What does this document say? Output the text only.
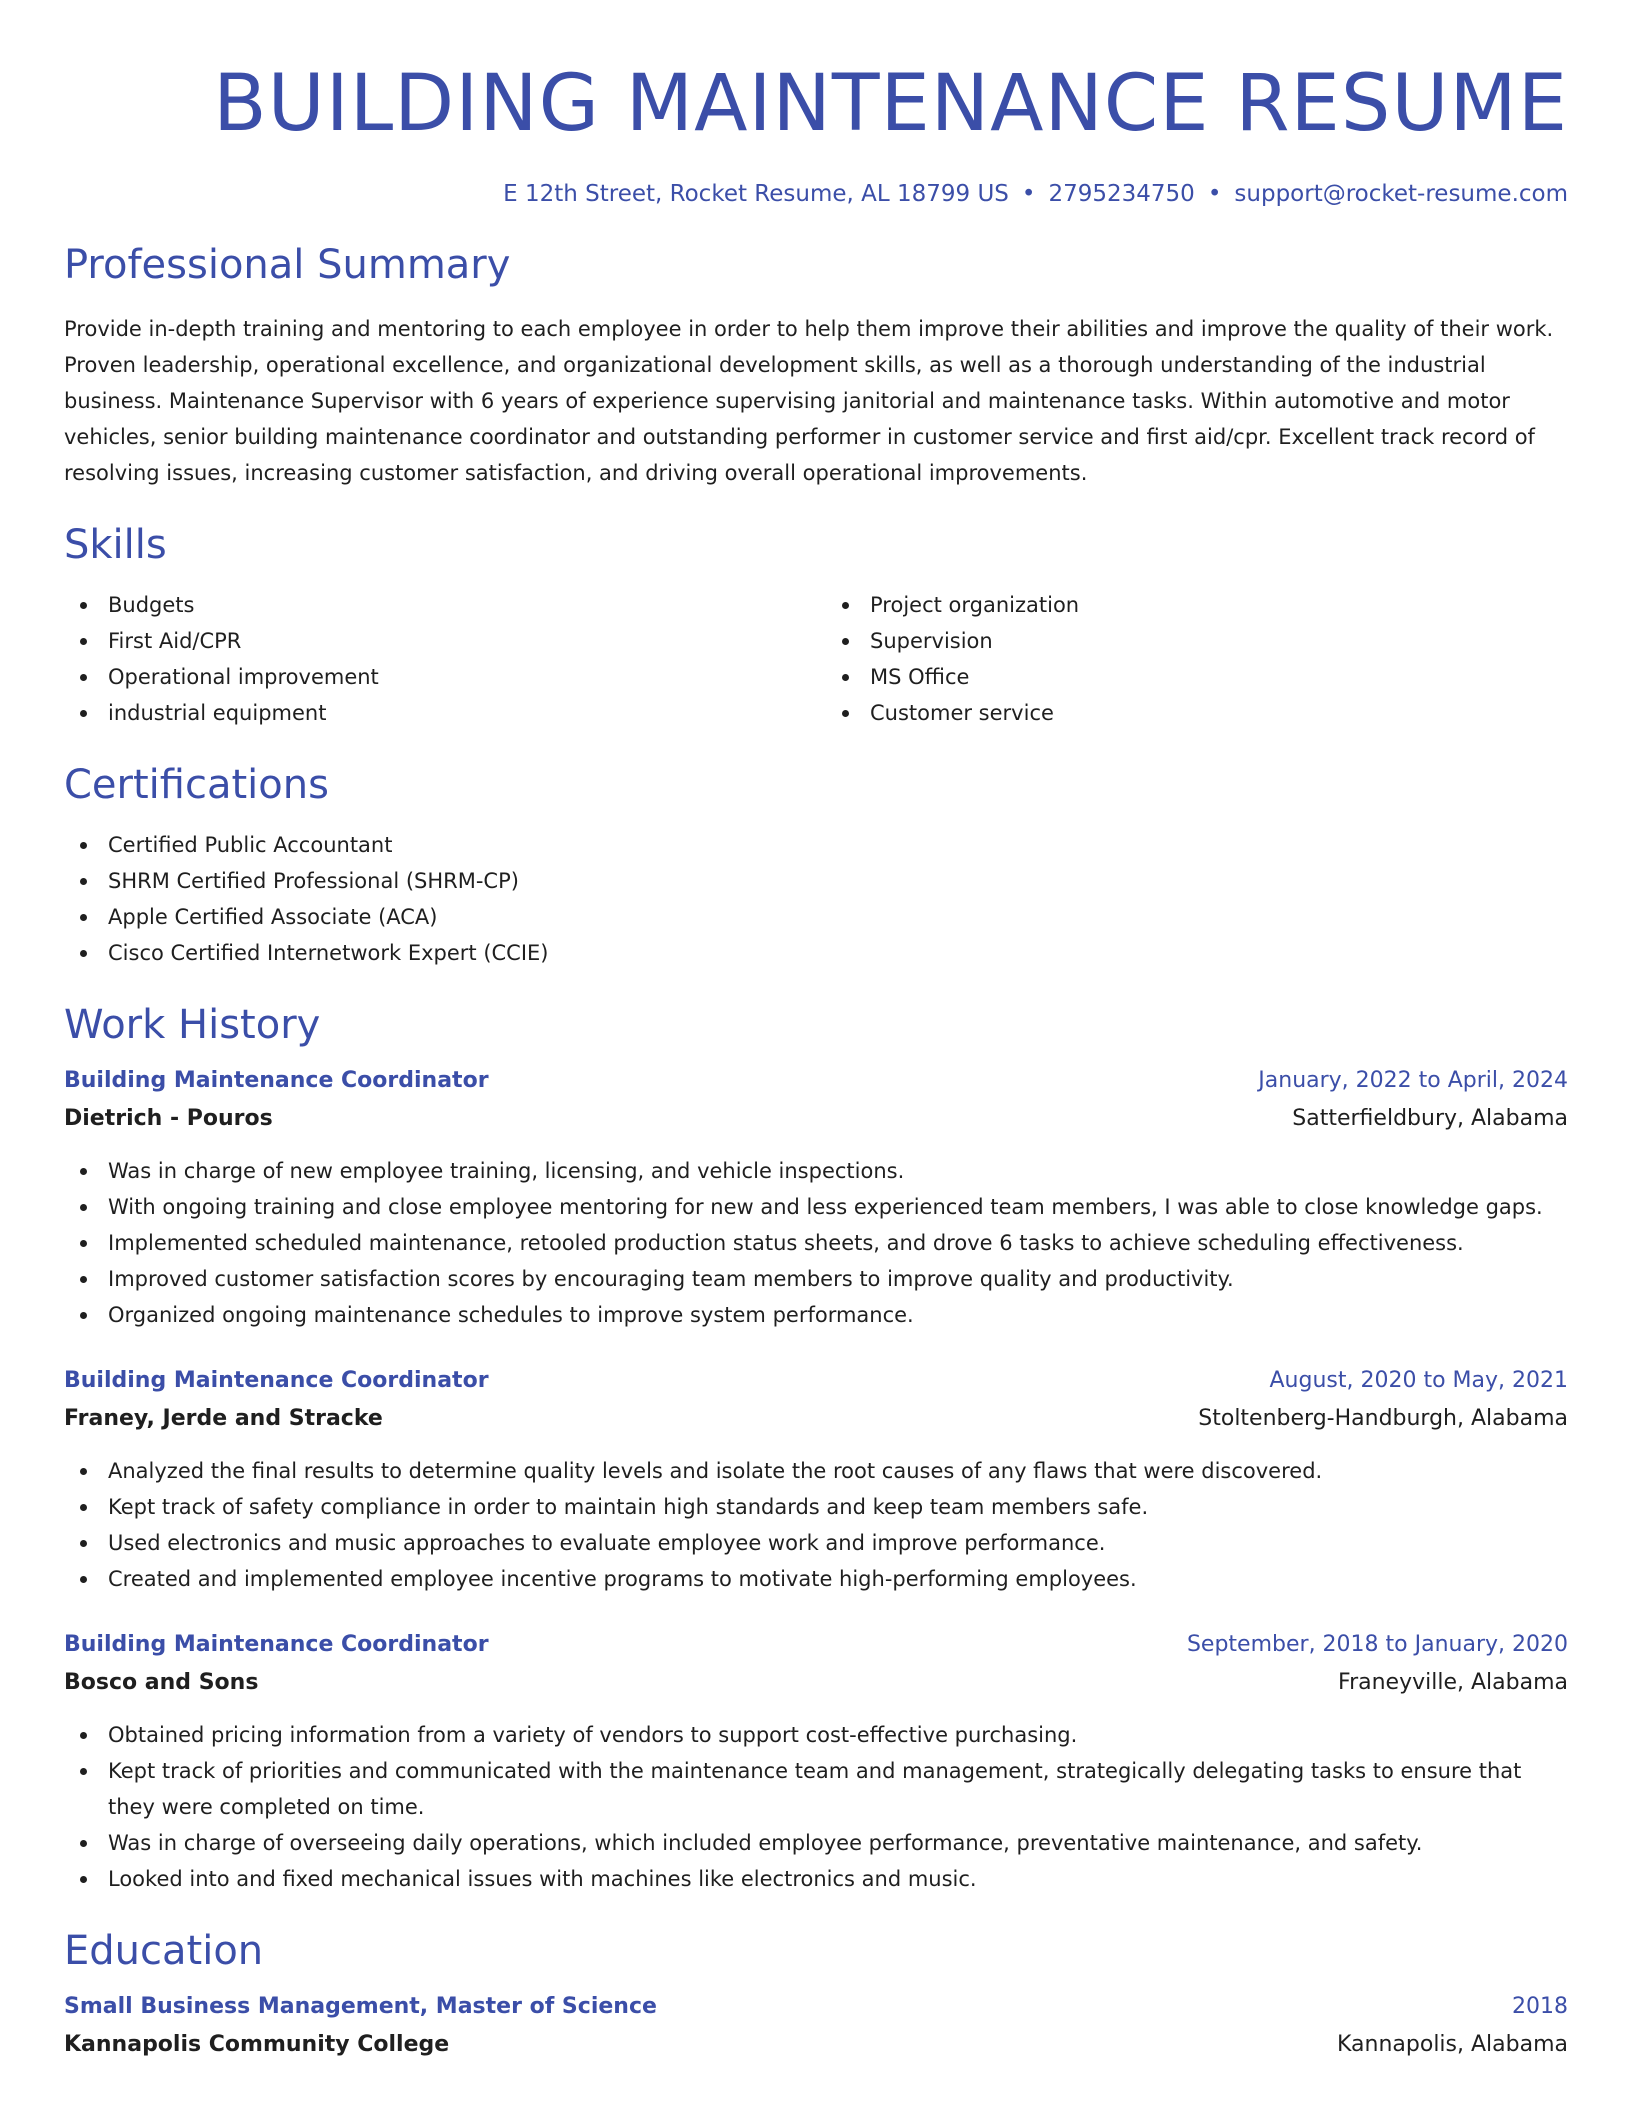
BUILDING MAINTENANCE RESUME
E 12th Street, Rocket Resume, AL 18799 US • 2795234750 • support@rocket-resume.com
Professional Summary

Provide in-depth training and mentoring to each employee in order to help them improve their abilities and improve the quality of their work. Proven leadership, operational excellence, and organizational development skills, as well as a thorough understanding of the industrial business. Maintenance Supervisor with 6 years of experience supervising janitorial and maintenance tasks. Within automotive and motor vehicles, senior building maintenance coordinator and outstanding performer in customer service and first aid/cpr. Excellent track record of resolving issues, increasing customer satisfaction, and driving overall operational improvements.

Skills
Budgets
First Aid/CPR
Operational improvement
industrial equipment
Project organization
Supervision
MS Office
Customer service
Certifications
Certified Public Accountant
SHRM Certified Professional (SHRM-CP)
Apple Certified Associate (ACA)
Cisco Certified Internetwork Expert (CCIE)
Work History
Building Maintenance Coordinator	January, 2022 to April, 2024
Dietrich - Pouros	Satterfieldbury, Alabama
Was in charge of new employee training, licensing, and vehicle inspections.
With ongoing training and close employee mentoring for new and less experienced team members, I was able to close knowledge gaps.
Implemented scheduled maintenance, retooled production status sheets, and drove 6 tasks to achieve scheduling effectiveness.
Improved customer satisfaction scores by encouraging team members to improve quality and productivity.
Organized ongoing maintenance schedules to improve system performance.
Building Maintenance Coordinator	August, 2020 to May, 2021
Franey, Jerde and Stracke	Stoltenberg-Handburgh, Alabama
Analyzed the final results to determine quality levels and isolate the root causes of any flaws that were discovered.
Kept track of safety compliance in order to maintain high standards and keep team members safe.
Used electronics and music approaches to evaluate employee work and improve performance.
Created and implemented employee incentive programs to motivate high-performing employees.
Building Maintenance Coordinator	September, 2018 to January, 2020
Bosco and Sons	Franeyville, Alabama
Obtained pricing information from a variety of vendors to support cost-effective purchasing.
Kept track of priorities and communicated with the maintenance team and management, strategically delegating tasks to ensure that they were completed on time.
Was in charge of overseeing daily operations, which included employee performance, preventative maintenance, and safety.
Looked into and fixed mechanical issues with machines like electronics and music.
Education
Small Business Management, Master of Science	2018
Kannapolis Community College	Kannapolis, Alabama
